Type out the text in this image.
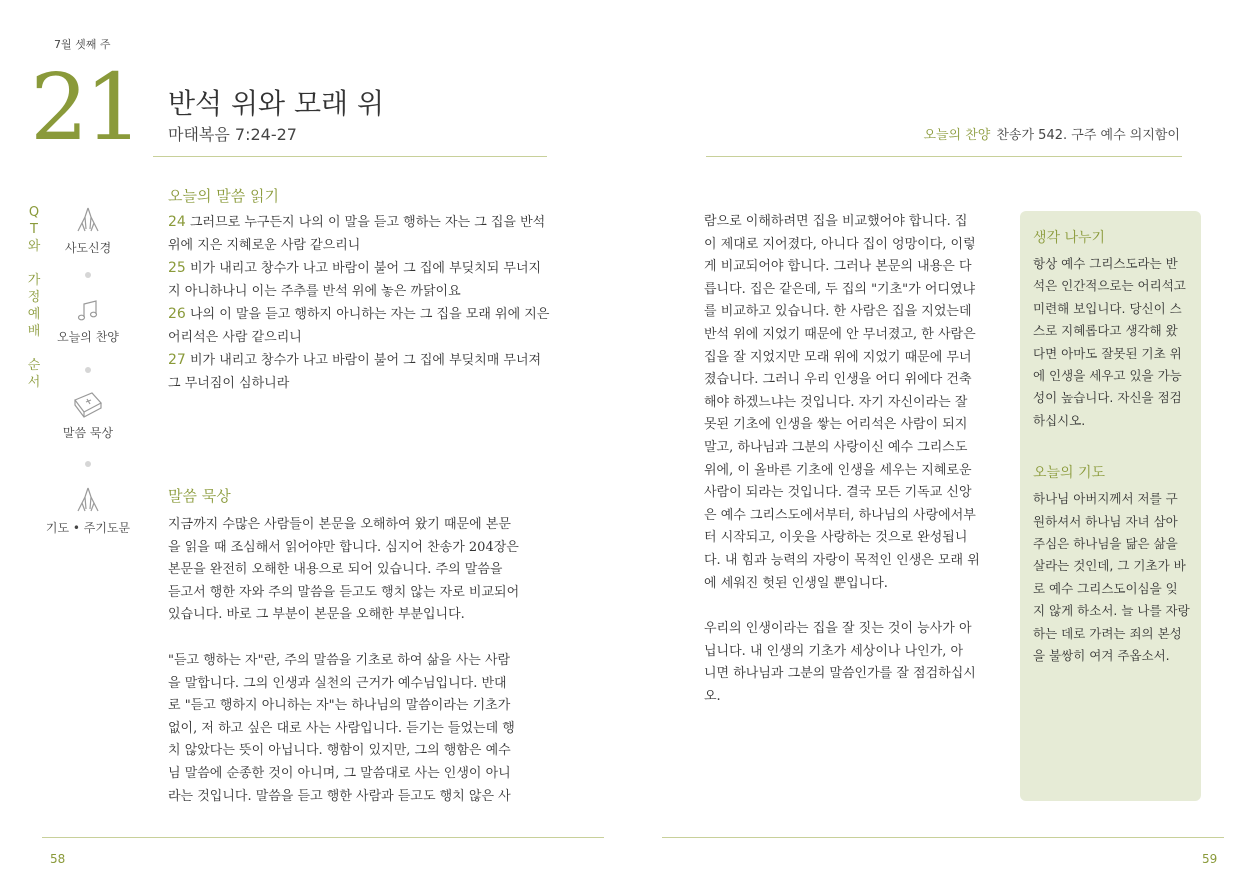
7월 셋째 주
21 반석 위와 모래 위
마태복음 7:24-27	오늘의 찬양 찬송가 542. 구주 예수 의지함이
Q
T
와
가
정
예
배
순
서
사도신경
오늘의 찬양
말씀 묵상
기도 • 주기도문
오늘의 말씀 읽기
24 그러므로 누구든지 나의 이 말을 듣고 행하는 자는 그 집을 반석 위에 지은 지혜로운 사람 같으리니
25 비가 내리고 창수가 나고 바람이 불어 그 집에 부딪치되 무너지지 아니하나니 이는 주추를 반석 위에 놓은 까닭이요
26 나의 이 말을 듣고 행하지 아니하는 자는 그 집을 모래 위에 지은 어리석은 사람 같으리니
27 비가 내리고 창수가 나고 바람이 불어 그 집에 부딪치매 무너져 그 무너짐이 심하니라
말씀 묵상
지금까지 수많은 사람들이 본문을 오해하여 왔기 때문에 본문
을 읽을 때 조심해서 읽어야만 합니다. 심지어 찬송가 204장은
본문을 완전히 오해한 내용으로 되어 있습니다. 주의 말씀을
듣고서 행한 자와 주의 말씀을 듣고도 행치 않는 자로 비교되어
있습니다. 바로 그 부분이 본문을 오해한 부분입니다.
"듣고 행하는 자"란, 주의 말씀을 기초로 하여 삶을 사는 사람
을 말합니다. 그의 인생과 실천의 근거가 예수님입니다. 반대
로 "듣고 행하지 아니하는 자"는 하나님의 말씀이라는 기초가
없이, 저 하고 싶은 대로 사는 사람입니다. 듣기는 들었는데 행
치 않았다는 뜻이 아닙니다. 행함이 있지만, 그의 행함은 예수
님 말씀에 순종한 것이 아니며, 그 말씀대로 사는 인생이 아니
라는 것입니다. 말씀을 듣고 행한 사람과 듣고도 행치 않은 사
람으로 이해하려면 집을 비교했어야 합니다. 집
이 제대로 지어졌다, 아니다 집이 엉망이다, 이렇
게 비교되어야 합니다. 그러나 본문의 내용은 다
릅니다. 집은 같은데, 두 집의 "기초"가 어디였냐
를 비교하고 있습니다. 한 사람은 집을 지었는데
반석 위에 지었기 때문에 안 무너졌고, 한 사람은
집을 잘 지었지만 모래 위에 지었기 때문에 무너
졌습니다. 그러니 우리 인생을 어디 위에다 건축
해야 하겠느냐는 것입니다. 자기 자신이라는 잘
못된 기초에 인생을 쌓는 어리석은 사람이 되지
말고, 하나님과 그분의 사랑이신 예수 그리스도
위에, 이 올바른 기초에 인생을 세우는 지혜로운
사람이 되라는 것입니다. 결국 모든 기독교 신앙
은 예수 그리스도에서부터, 하나님의 사랑에서부
터 시작되고, 이웃을 사랑하는 것으로 완성됩니
다. 내 힘과 능력의 자랑이 목적인 인생은 모래 위
에 세워진 헛된 인생일 뿐입니다.
우리의 인생이라는 집을 잘 짓는 것이 능사가 아
닙니다. 내 인생의 기초가 세상이나 나인가, 아
니면 하나님과 그분의 말씀인가를 잘 점검하십시
오.
생각 나누기

항상 예수 그리스도라는 반
석은 인간적으로는 어리석고
미련해 보입니다. 당신이 스
스로 지혜롭다고 생각해 왔
다면 아마도 잘못된 기초 위
에 인생을 세우고 있을 가능
성이 높습니다. 자신을 점검
하십시오.

오늘의 기도

하나님 아버지께서 저를 구
원하셔서 하나님 자녀 삼아
주심은 하나님을 닮은 삶을
살라는 것인데, 그 기초가 바
로 예수 그리스도이심을 잊
지 않게 하소서. 늘 나를 자랑
하는 데로 가려는 죄의 본성
을 불쌍히 여겨 주옵소서.

58	59
